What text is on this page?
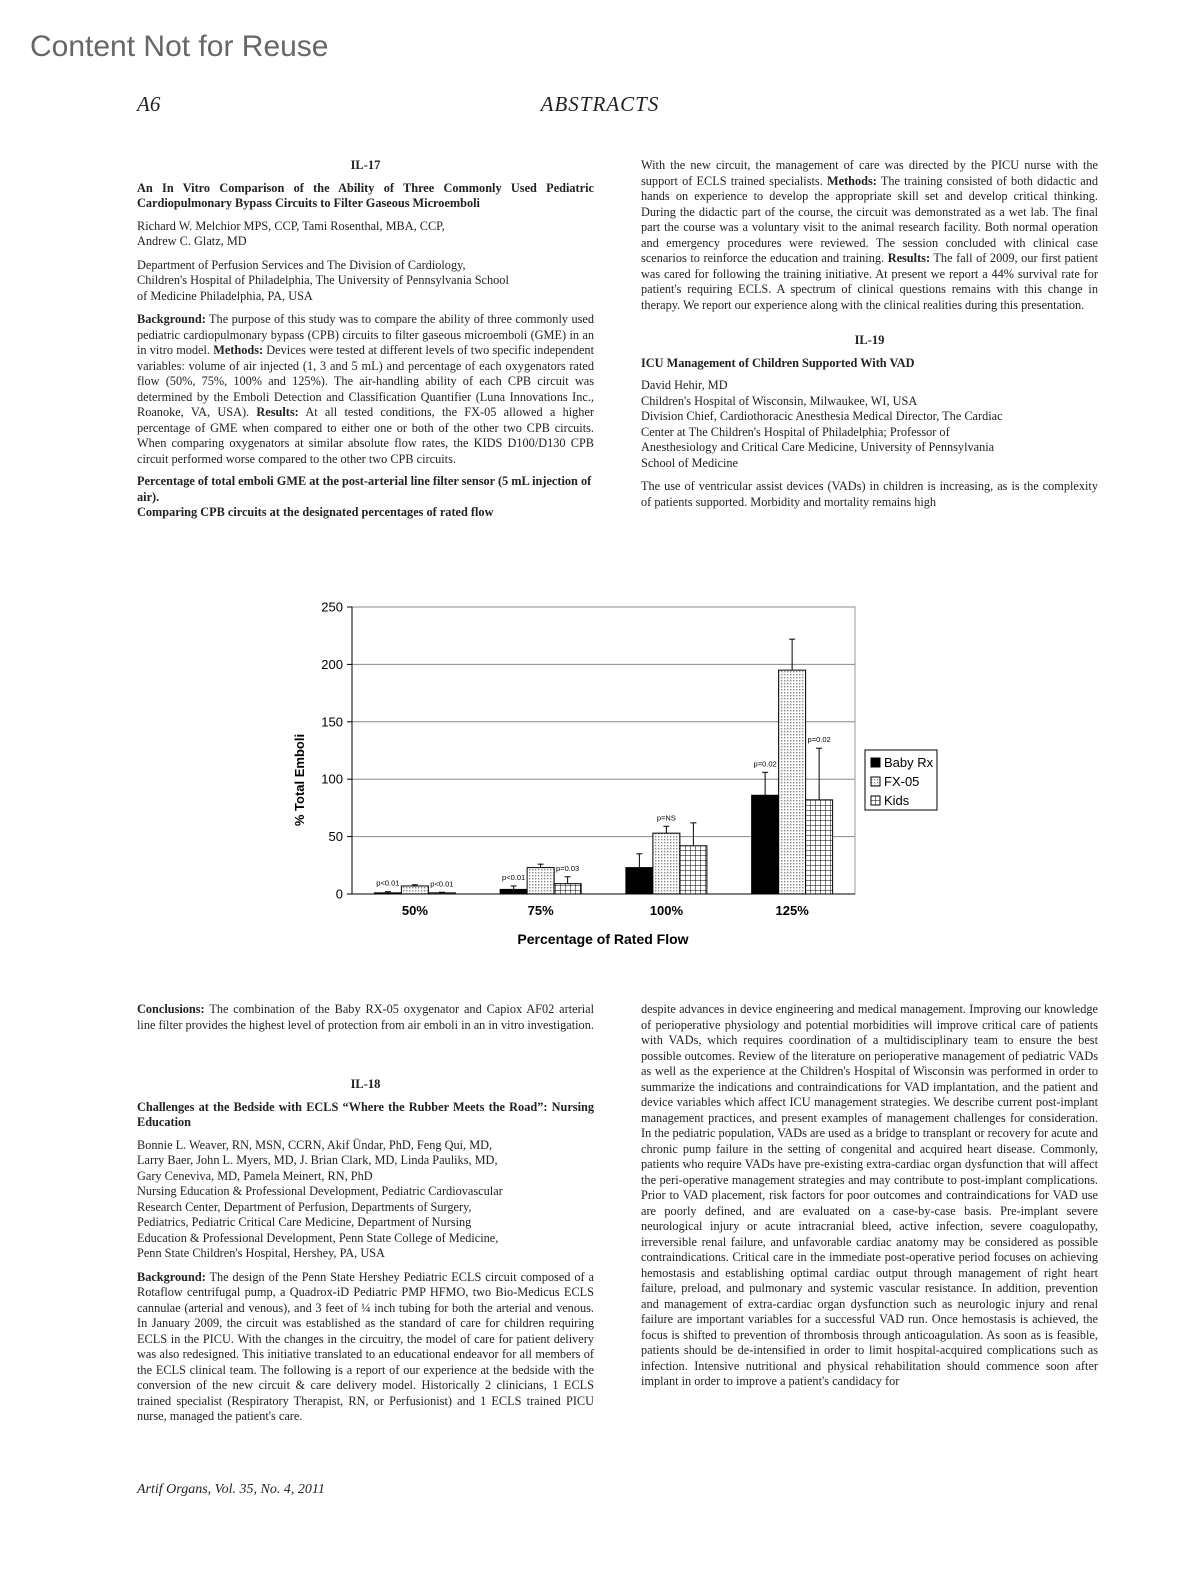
Content Not for Reuse
A6	ABSTRACTS

IL-17

An In Vitro Comparison of the Ability of Three Commonly Used Pediatric Cardiopulmonary Bypass Circuits to Filter Gaseous Microemboli

Richard W. Melchior MPS, CCP, Tami Rosenthal, MBA, CCP,
Andrew C. Glatz, MD
Department of Perfusion Services and The Division of Cardiology,
Children's Hospital of Philadelphia, The University of Pennsylvania School
of Medicine Philadelphia, PA, USA

Background: The purpose of this study was to compare the ability of three commonly used pediatric cardiopulmonary bypass (CPB) circuits to filter gaseous microemboli (GME) in an in vitro model. Methods: Devices were tested at different levels of two specific independent variables: volume of air injected (1, 3 and 5 mL) and percentage of each oxygenators rated flow (50%, 75%, 100% and 125%). The air-handling ability of each CPB circuit was determined by the Emboli Detection and Classification Quantifier (Luna Innovations Inc., Roanoke, VA, USA). Results: At all tested conditions, the FX-05 allowed a higher percentage of GME when compared to either one or both of the other two CPB circuits. When comparing oxygenators at similar absolute flow rates, the KIDS D100/D130 CPB circuit performed worse compared to the other two CPB circuits.

Percentage of total emboli GME at the post-arterial line filter sensor (5 mL injection of air).

Comparing CPB circuits at the designated percentages of rated flow

With the new circuit, the management of care was directed by the PICU nurse with the support of ECLS trained specialists. Methods: The training consisted of both didactic and hands on experience to develop the appropriate skill set and develop critical thinking. During the didactic part of the course, the circuit was demonstrated as a wet lab. The final part the course was a voluntary visit to the animal research facility. Both normal operation and emergency procedures were reviewed. The session concluded with clinical case scenarios to reinforce the education and training. Results: The fall of 2009, our first patient was cared for following the training initiative. At present we report a 44% survival rate for patient's requiring ECLS. A spectrum of clinical questions remains with this change in therapy. We report our experience along with the clinical realities during this presentation.

IL-19

ICU Management of Children Supported With VAD

David Hehir, MD
Children's Hospital of Wisconsin, Milwaukee, WI, USA
Division Chief, Cardiothoracic Anesthesia Medical Director, The Cardiac
Center at The Children's Hospital of Philadelphia; Professor of
Anesthesiology and Critical Care Medicine, University of Pennsylvania
School of Medicine

The use of ventricular assist devices (VADs) in children is increasing, as is the complexity of patients supported. Morbidity and mortality remains high

0
50
100
150
200
250
50%	75%	100%	125%
p<0.01	p<0.01
p<0.01
p=0.03
p=NS
p=0.02
p=0.02
% Total Emboli
Percentage of Rated Flow
Baby Rx
FX-05
Kids

Conclusions: The combination of the Baby RX-05 oxygenator and Capiox AF02 arterial line filter provides the highest level of protection from air emboli in an in vitro investigation.

IL-18

Challenges at the Bedside with ECLS “Where the Rubber Meets the Road”: Nursing Education

Bonnie L. Weaver, RN, MSN, CCRN, Akif Ündar, PhD, Feng Qui, MD,
Larry Baer, John L. Myers, MD, J. Brian Clark, MD, Linda Pauliks, MD,
Gary Ceneviva, MD, Pamela Meinert, RN, PhD
Nursing Education & Professional Development, Pediatric Cardiovascular
Research Center, Department of Perfusion, Departments of Surgery,
Pediatrics, Pediatric Critical Care Medicine, Department of Nursing
Education & Professional Development, Penn State College of Medicine,
Penn State Children's Hospital, Hershey, PA, USA

Background: The design of the Penn State Hershey Pediatric ECLS circuit composed of a Rotaflow centrifugal pump, a Quadrox-iD Pediatric PMP HFMO, two Bio-Medicus ECLS cannulae (arterial and venous), and 3 feet of ¼ inch tubing for both the arterial and venous. In January 2009, the circuit was established as the standard of care for children requiring ECLS in the PICU. With the changes in the circuitry, the model of care for patient delivery was also redesigned. This initiative translated to an educational endeavor for all members of the ECLS clinical team. The following is a report of our experience at the bedside with the conversion of the new circuit & care delivery model. Historically 2 clinicians, 1 ECLS trained specialist (Respiratory Therapist, RN, or Perfusionist) and 1 ECLS trained PICU nurse, managed the patient's care.

despite advances in device engineering and medical management. Improving our knowledge of perioperative physiology and potential morbidities will improve critical care of patients with VADs, which requires coordination of a multidisciplinary team to ensure the best possible outcomes. Review of the literature on perioperative management of pediatric VADs as well as the experience at the Children's Hospital of Wisconsin was performed in order to summarize the indications and contraindications for VAD implantation, and the patient and device variables which affect ICU management strategies. We describe current post-implant management practices, and present examples of management challenges for consideration. In the pediatric population, VADs are used as a bridge to transplant or recovery for acute and chronic pump failure in the setting of congenital and acquired heart disease. Commonly, patients who require VADs have pre-existing extra-cardiac organ dysfunction that will affect the peri-operative management strategies and may contribute to post-implant complications. Prior to VAD placement, risk factors for poor outcomes and contraindications for VAD use are poorly defined, and are evaluated on a case-by-case basis. Pre-implant severe neurological injury or acute intracranial bleed, active infection, severe coagulopathy, irreversible renal failure, and unfavorable cardiac anatomy may be considered as possible contraindications. Critical care in the immediate post-operative period focuses on achieving hemostasis and establishing optimal cardiac output through management of right heart failure, preload, and pulmonary and systemic vascular resistance. In addition, prevention and management of extra-cardiac organ dysfunction such as neurologic injury and renal failure are important variables for a successful VAD run. Once hemostasis is achieved, the focus is shifted to prevention of thrombosis through anticoagulation. As soon as is feasible, patients should be de-intensified in order to limit hospital-acquired complications such as infection. Intensive nutritional and physical rehabilitation should commence soon after implant in order to improve a patient's candidacy for

Artif Organs, Vol. 35, No. 4, 2011
